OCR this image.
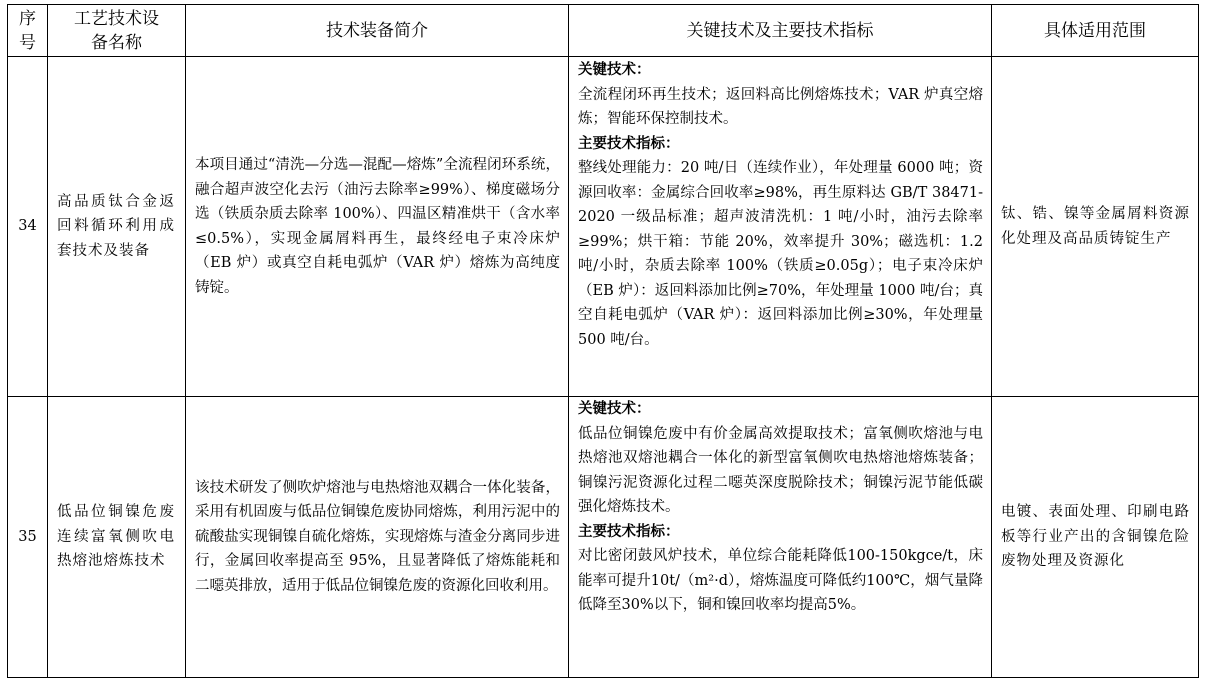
序号	工艺技术设备名称	技术装备简介	关键技术及主要技术指标	具体适用范围
34	高品质钛合金返回料循环利用成套技术及装备	本项目通过“清洗—分选—混配—熔炼”全流程闭环系统，融合超声波空化去污（油污去除率≥99%）、梯度磁场分选（铁质杂质去除率 100%）、四温区精准烘干（含水率≤0.5%），实现金属屑料再生，最终经电子束冷床炉（EB 炉）或真空自耗电弧炉（VAR 炉）熔炼为高纯度铸锭。	关键技术：
全流程闭环再生技术；返回料高比例熔炼技术；VAR 炉真空熔炼；智能环保控制技术。
主要技术指标：
整线处理能力：20 吨/日（连续作业），年处理量 6000 吨；资源回收率：金属综合回收率≥98%，再生原料达 GB/T 38471-2020 一级品标准；超声波清洗机：1 吨/小时，油污去除率≥99%；烘干箱：节能 20%，效率提升 30%；磁选机：1.2 吨/小时，杂质去除率 100%（铁质≥0.05g）；电子束冷床炉（EB 炉）：返回料添加比例≥70%，年处理量 1000 吨/台；真空自耗电弧炉（VAR 炉）：返回料添加比例≥30%，年处理量 500 吨/台。	钛、锆、镍等金属屑料资源化处理及高品质铸锭生产
35	低品位铜镍危废连续富氧侧吹电热熔池熔炼技术	该技术研发了侧吹炉熔池与电热熔池双耦合一体化装备，采用有机固废与低品位铜镍危废协同熔炼，利用污泥中的硫酸盐实现铜镍自硫化熔炼，实现熔炼与渣金分离同步进行，金属回收率提高至 95%，且显著降低了熔炼能耗和二噁英排放，适用于低品位铜镍危废的资源化回收利用。	关键技术：
低品位铜镍危废中有价金属高效提取技术；富氧侧吹熔池与电热熔池双熔池耦合一体化的新型富氧侧吹电热熔池熔炼装备；铜镍污泥资源化过程二噁英深度脱除技术；铜镍污泥节能低碳强化熔炼技术。
主要技术指标：
对比密闭鼓风炉技术，单位综合能耗降低100-150kgce/t，床能率可提升10t/（m²·d），熔炼温度可降低约100℃，烟气量降低降至30%以下，铜和镍回收率均提高5%。	电镀、表面处理、印刷电路板等行业产出的含铜镍危险废物处理及资源化
